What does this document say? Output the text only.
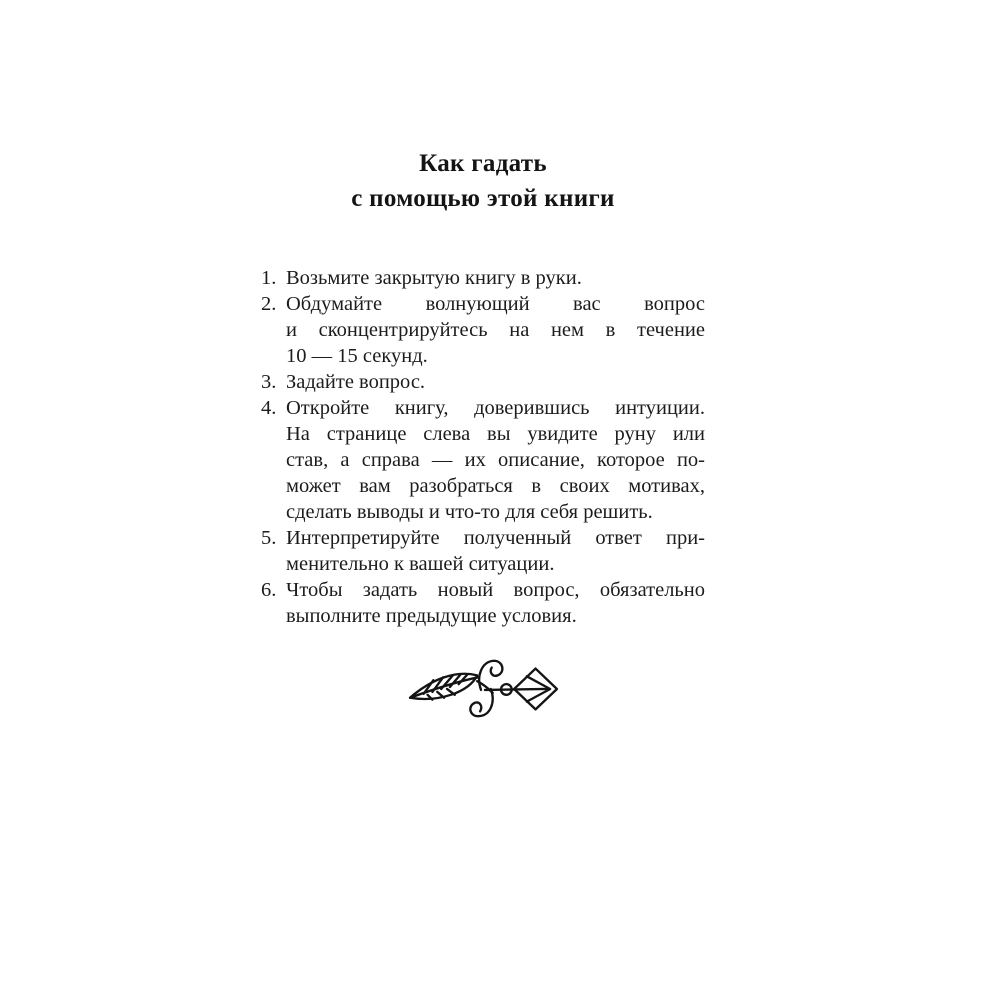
Как гадать
с помощью этой книги
1. Возьмите закрытую книгу в руки.
2. Обдумайте волнующий вас вопрос
и сконцентрируйтесь на нем в течение
10 — 15 секунд.
3. Задайте вопрос.
4. Откройте книгу, доверившись интуиции.
На странице слева вы увидите руну или
став, а справа — их описание, которое по-
может вам разобраться в своих мотивах,
сделать выводы и что-то для себя решить.
5. Интерпретируйте полученный ответ при-
менительно к вашей ситуации.
6. Чтобы задать новый вопрос, обязательно
выполните предыдущие условия.
